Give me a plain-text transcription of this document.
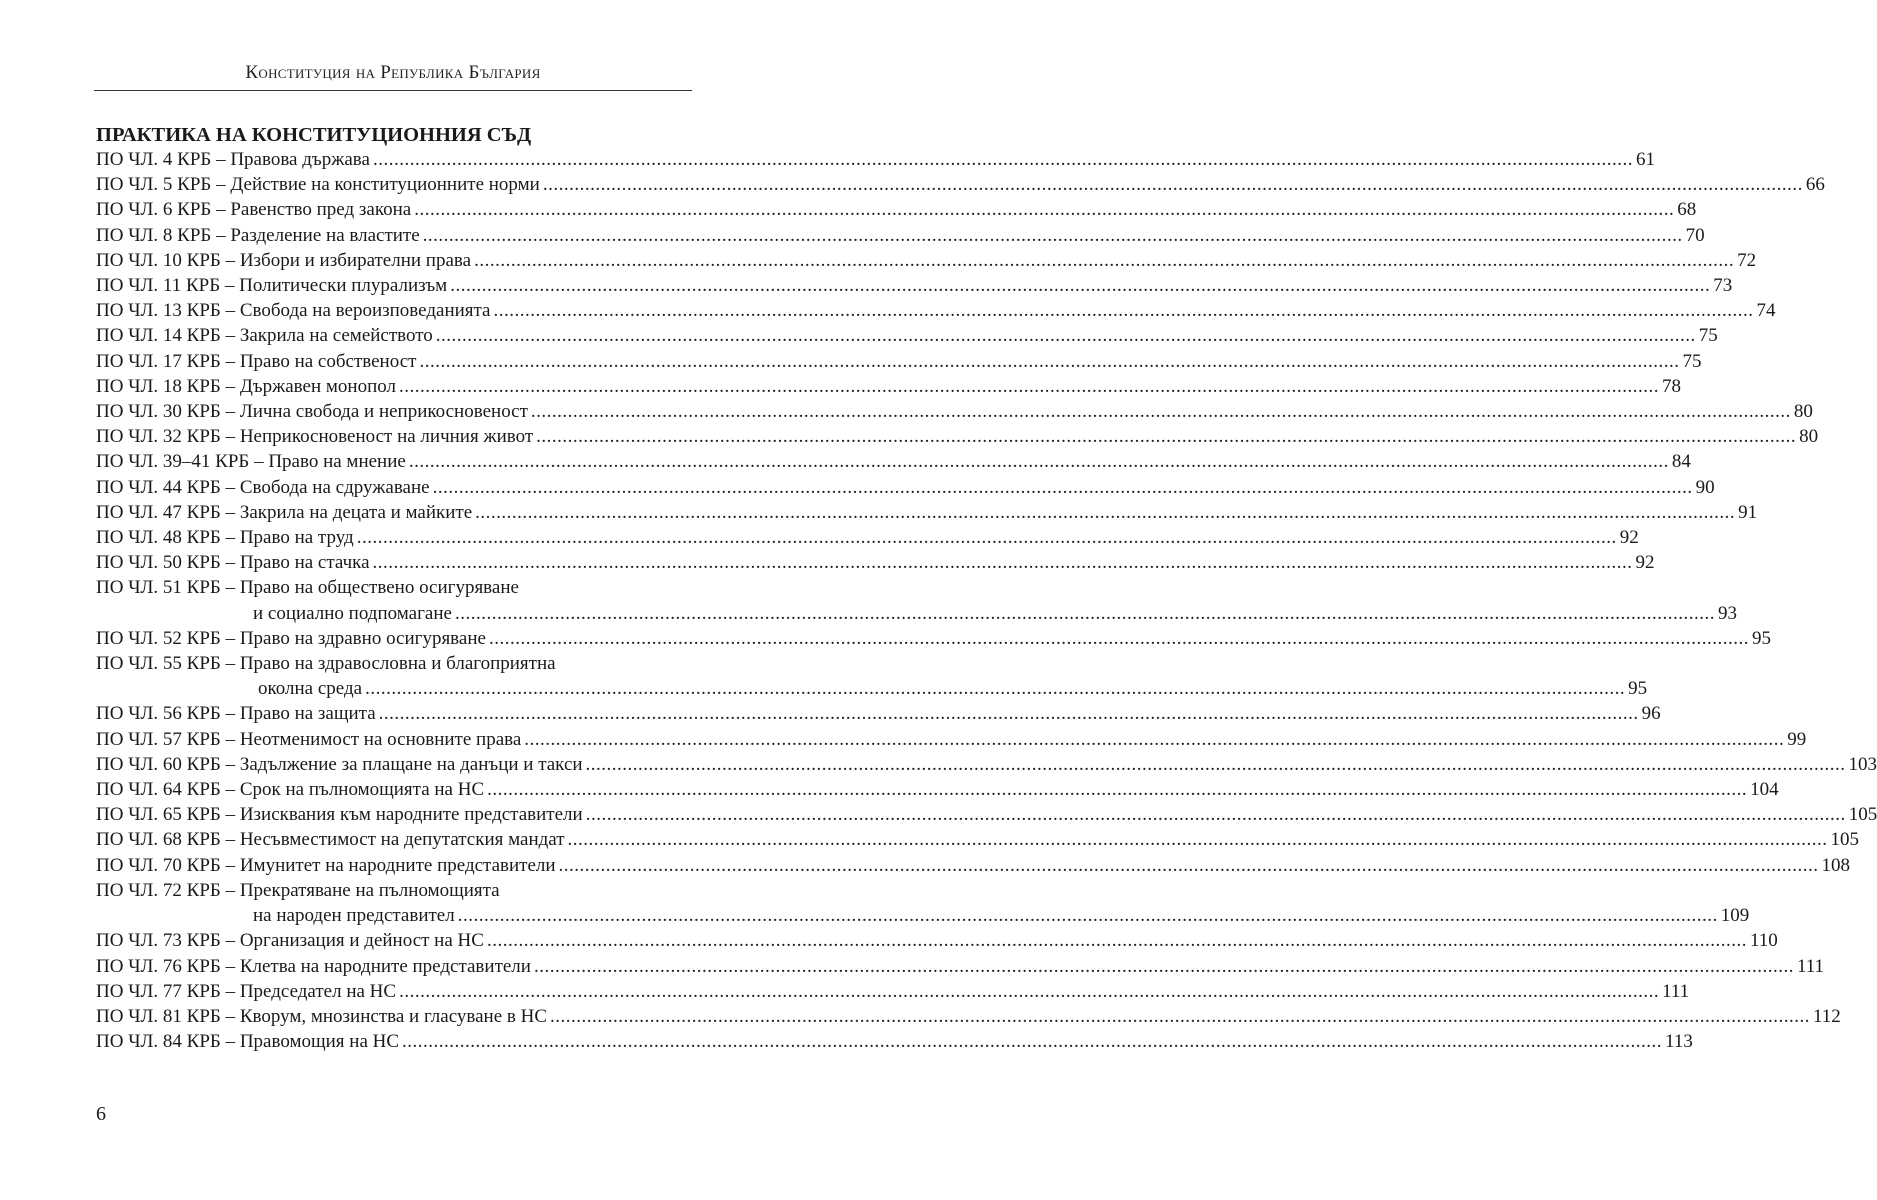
Конституция на Република България
ПРАКТИКА НА КОНСТИТУЦИОННИЯ СЪД
ПО ЧЛ. 4 КРБ – Правова държава ................................................................................................................................................................................................................................................ 61
ПО ЧЛ. 5 КРБ – Действие на конституционните норми ................................................................................................................................................................................................................................................ 66
ПО ЧЛ. 6 КРБ – Равенство пред закона ................................................................................................................................................................................................................................................ 68
ПО ЧЛ. 8 КРБ – Разделение на властите ................................................................................................................................................................................................................................................ 70
ПО ЧЛ. 10 КРБ – Избори и избирателни права ................................................................................................................................................................................................................................................ 72
ПО ЧЛ. 11 КРБ – Политически плурализъм ................................................................................................................................................................................................................................................ 73
ПО ЧЛ. 13 КРБ – Свобода на вероизповеданията ................................................................................................................................................................................................................................................ 74
ПО ЧЛ. 14 КРБ – Закрила на семейството ................................................................................................................................................................................................................................................ 75
ПО ЧЛ. 17 КРБ – Право на собственост ................................................................................................................................................................................................................................................ 75
ПО ЧЛ. 18 КРБ – Държавен монопол ................................................................................................................................................................................................................................................ 78
ПО ЧЛ. 30 КРБ – Лична свобода и неприкосновеност ................................................................................................................................................................................................................................................ 80
ПО ЧЛ. 32 КРБ – Неприкосновеност на личния живот ................................................................................................................................................................................................................................................ 80
ПО ЧЛ. 39–41 КРБ – Право на мнение ................................................................................................................................................................................................................................................ 84
ПО ЧЛ. 44 КРБ – Свобода на сдружаване ................................................................................................................................................................................................................................................ 90
ПО ЧЛ. 47 КРБ – Закрила на децата и майките ................................................................................................................................................................................................................................................ 91
ПО ЧЛ. 48 КРБ – Право на труд ................................................................................................................................................................................................................................................ 92
ПО ЧЛ. 50 КРБ – Право на стачка ................................................................................................................................................................................................................................................ 92
ПО ЧЛ. 51 КРБ – Право на обществено осигуряване
и социално подпомагане ................................................................................................................................................................................................................................................ 93
ПО ЧЛ. 52 КРБ – Право на здравно осигуряване ................................................................................................................................................................................................................................................ 95
ПО ЧЛ. 55 КРБ – Право на здравословна и благоприятна
околна среда ................................................................................................................................................................................................................................................ 95
ПО ЧЛ. 56 КРБ – Право на защита ................................................................................................................................................................................................................................................ 96
ПО ЧЛ. 57 КРБ – Неотменимост на основните права ................................................................................................................................................................................................................................................ 99
ПО ЧЛ. 60 КРБ – Задължение за плащане на данъци и такси ................................................................................................................................................................................................................................................ 103
ПО ЧЛ. 64 КРБ – Срок на пълномощията на НС ................................................................................................................................................................................................................................................ 104
ПО ЧЛ. 65 КРБ – Изисквания към народните представители ................................................................................................................................................................................................................................................ 105
ПО ЧЛ. 68 КРБ – Несъвместимост на депутатския мандат ................................................................................................................................................................................................................................................ 105
ПО ЧЛ. 70 КРБ – Имунитет на народните представители ................................................................................................................................................................................................................................................ 108
ПО ЧЛ. 72 КРБ – Прекратяване на пълномощията
на народен представител ................................................................................................................................................................................................................................................ 109
ПО ЧЛ. 73 КРБ – Организация и дейност на НС ................................................................................................................................................................................................................................................ 110
ПО ЧЛ. 76 КРБ – Клетва на народните представители ................................................................................................................................................................................................................................................ 111
ПО ЧЛ. 77 КРБ – Председател на НС ................................................................................................................................................................................................................................................ 111
ПО ЧЛ. 81 КРБ – Кворум, мнозинства и гласуване в НС ................................................................................................................................................................................................................................................ 112
ПО ЧЛ. 84 КРБ – Правомощия на НС ................................................................................................................................................................................................................................................ 113
6
